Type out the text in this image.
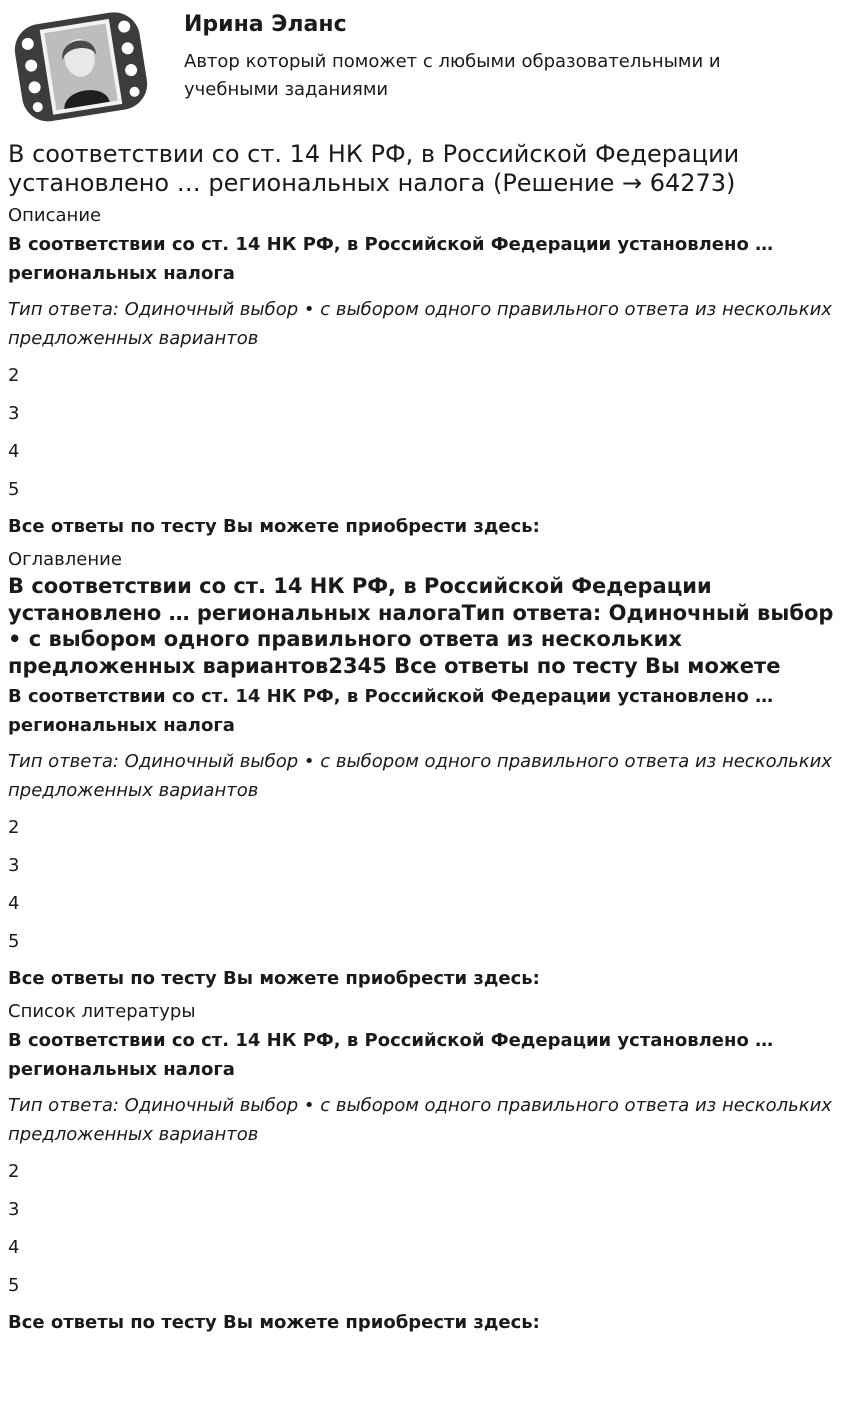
Ирина Эланс

Автор который поможет с любыми образовательными и учебными заданиями

В соответствии со ст. 14 НК РФ, в Российской Федерации установлено … региональных налога (Решение → 64273)

Описание

В соответствии со ст. 14 НК РФ, в Российской Федерации установлено … региональных налога

Тип ответа: Одиночный выбор • с выбором одного правильного ответа из нескольких предложенных вариантов

2

3

4

5

Все ответы по тесту Вы можете приобрести здесь:

Оглавление

В соответствии со ст. 14 НК РФ, в Российской Федерации установлено … региональных налогаТип ответа: Одиночный выбор • с выбором одного правильного ответа из нескольких предложенных вариантов2345 Все ответы по тесту Вы можете

В соответствии со ст. 14 НК РФ, в Российской Федерации установлено … региональных налога

Тип ответа: Одиночный выбор • с выбором одного правильного ответа из нескольких предложенных вариантов

2

3

4

5

Все ответы по тесту Вы можете приобрести здесь:

Список литературы

В соответствии со ст. 14 НК РФ, в Российской Федерации установлено … региональных налога

Тип ответа: Одиночный выбор • с выбором одного правильного ответа из нескольких предложенных вариантов

2

3

4

5

Все ответы по тесту Вы можете приобрести здесь:
